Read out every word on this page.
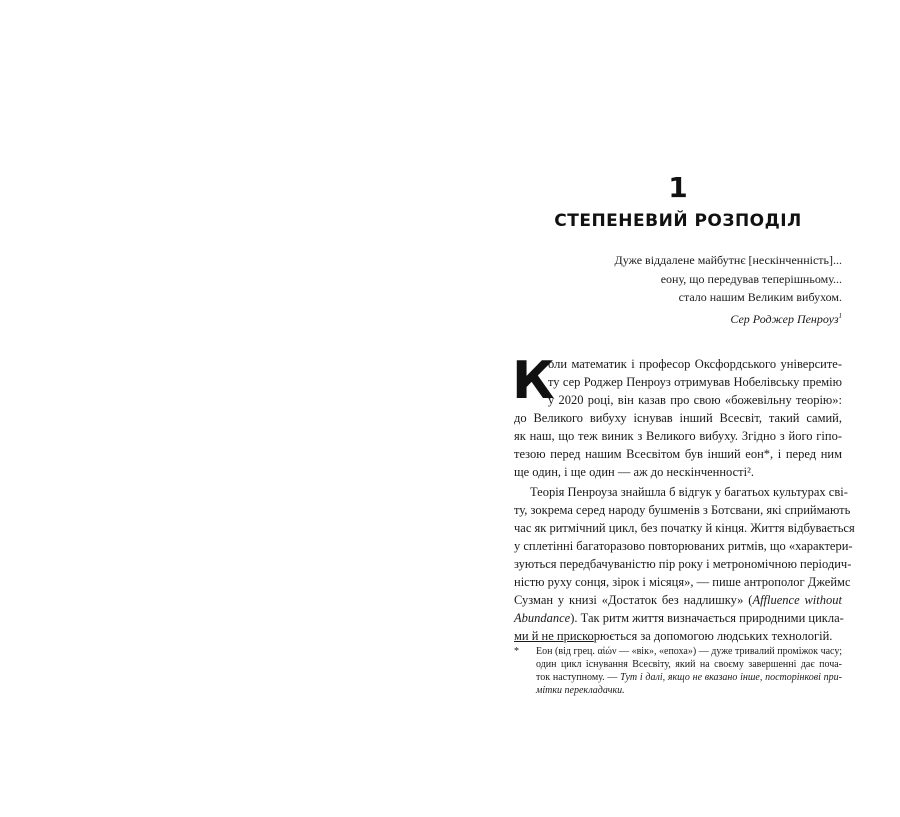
1
СТЕПЕНЕВИЙ РОЗПОДІЛ
Дуже віддалене майбутнє [нескінченність]...
еону, що передував теперішньому...
стало нашим Великим вибухом.
Сер Роджер Пенроуз$^1$
К
оли математик і професор Оксфордського університе-
ту сер Роджер Пенроуз отримував Нобелівську премію
у 2020 році, він казав про свою «божевільну теорію»:
до Великого вибуху існував інший Всесвіт, такий самий,
як наш, що теж виник з Великого вибуху. Згідно з його гіпо-
тезою перед нашим Всесвітом був інший еон*, і перед ним
ще один, і ще один — аж до нескінченності².
Теорія Пенроуза знайшла б відгук у багатьох культурах сві-
ту, зокрема серед народу бушменів з Ботсвани, які сприймають
час як ритмічний цикл, без початку й кінця. Життя відбувається
у сплетінні багаторазово повторюваних ритмів, що «характери-
зуються передбачуваністю пір року і метрономічною періодич-
ністю руху сонця, зірок і місяця», — пише антрополог Джеймс
Сузман у книзі «Достаток без надлишку» (Affluence without
Abundance). Так ритм життя визначається природними цикла-
ми й не прискорюється за допомогою людських технологій.
* Еон (від грец. αἰών — «вік», «епоха») — дуже тривалий проміжок часу;
один цикл існування Всесвіту, який на своєму завершенні дає поча-
ток наступному. — Тут і далі, якщо не вказано інше, посторінкові при-
мітки перекладачки.
